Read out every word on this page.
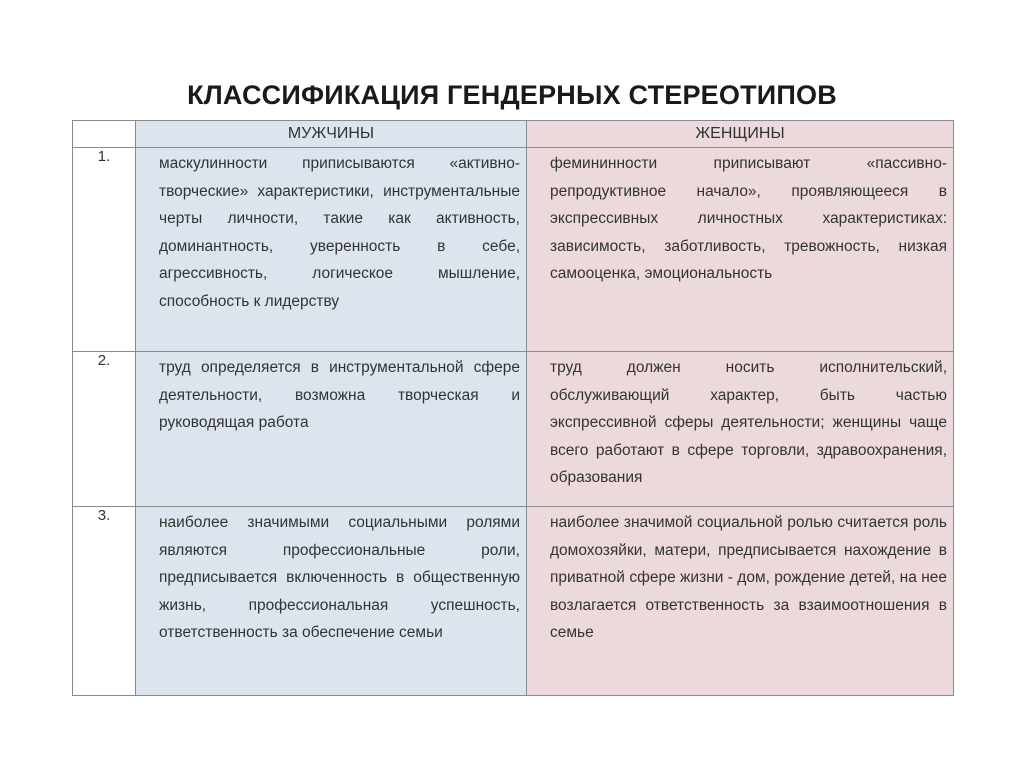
КЛАССИФИКАЦИЯ ГЕНДЕРНЫХ СТЕРЕОТИПОВ
	МУЖЧИНЫ	ЖЕНЩИНЫ
1.	маскулинности приписываются «активно-творческие» характеристики, инструментальные черты личности, такие как активность, доминантность, уверенность в себе, агрессивность, логическое мышление, способность к лидерству	фемининности приписывают «пассивно-репродуктивное начало», проявляющееся в экспрессивных личностных характеристиках: зависимость, заботливость, тревожность, низкая самооценка, эмоциональность

2.	труд определяется в инструментальной сфере деятельности, возможна творческая и руководящая работа	труд должен носить исполнительский, обслуживающий характер, быть частью экспрессивной сферы деятельности; женщины чаще всего работают в сфере торговли, здравоохранения, образования

3.	наиболее значимыми социальными ролями являются профессиональные роли, предписывается включенность в общественную жизнь, профессиональная успешность, ответственность за обеспечение семьи	наиболее значимой социальной ролью считается роль домохозяйки, матери, предписывается нахождение в приватной сфере жизни - дом, рождение детей, на нее возлагается ответственность за взаимоотношения в семье
